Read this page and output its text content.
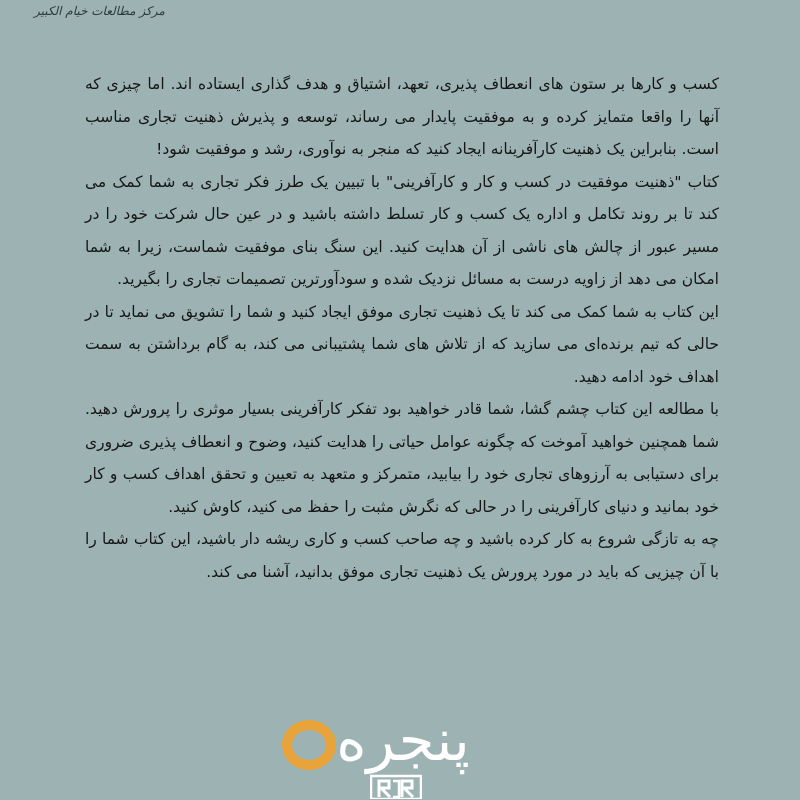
مرکز مطالعات خیام الکبیر

کسب و کارها بر ستون های انعطاف پذیری، تعهد، اشتیاق و هدف گذاری ایستاده اند. اما چیزی که آنها را واقعا متمایز کرده و به موفقیت پایدار می رساند، توسعه و پذیرش ذهنیت تجاری مناسب است. بنابراین یک ذهنیت کارآفرینانه ایجاد کنید که منجر به نوآوری، رشد و موفقیت شود!

کتاب "ذهنیت موفقیت در کسب و کار و کارآفرینی" با تبیین یک طرز فکر تجاری به شما کمک می کند تا بر روند تکامل و اداره یک کسب و کار تسلط داشته باشید و در عین حال شرکت خود را در مسیر عبور از چالش های ناشی از آن هدایت کنید. این سنگ بنای موفقیت شماست، زیرا به شما امکان می دهد از زاویه درست به مسائل نزدیک شده و سودآورترین تصمیمات تجاری را بگیرید.

این کتاب به شما کمک می کند تا یک ذهنیت تجاری موفق ایجاد کنید و شما را تشویق می نماید تا در حالی که تیم برنده‌ای می سازید که از تلاش های شما پشتیبانی می کند، به گام برداشتن به سمت اهداف خود ادامه دهید.

با مطالعه این کتاب چشم گشا، شما قادر خواهید بود تفکر کارآفرینی بسیار موثری را پرورش دهید. شما همچنین خواهید آموخت که چگونه عوامل حیاتی را هدایت کنید، وضوح و انعطاف پذیری ضروری برای دستیابی به آرزوهای تجاری خود را بیابید، متمرکز و متعهد به تعیین و تحقق اهداف کسب و کار خود بمانید و دنیای کارآفرینی را در حالی که نگرش مثبت را حفظ می کنید، کاوش کنید.

چه به تازگی شروع به کار کرده باشید و چه صاحب کسب و کاری ریشه دار باشید، این کتاب شما را با آن چیزیی که باید در مورد پرورش یک ذهنیت تجاری موفق بدانید، آشنا می کند.

پنجره
